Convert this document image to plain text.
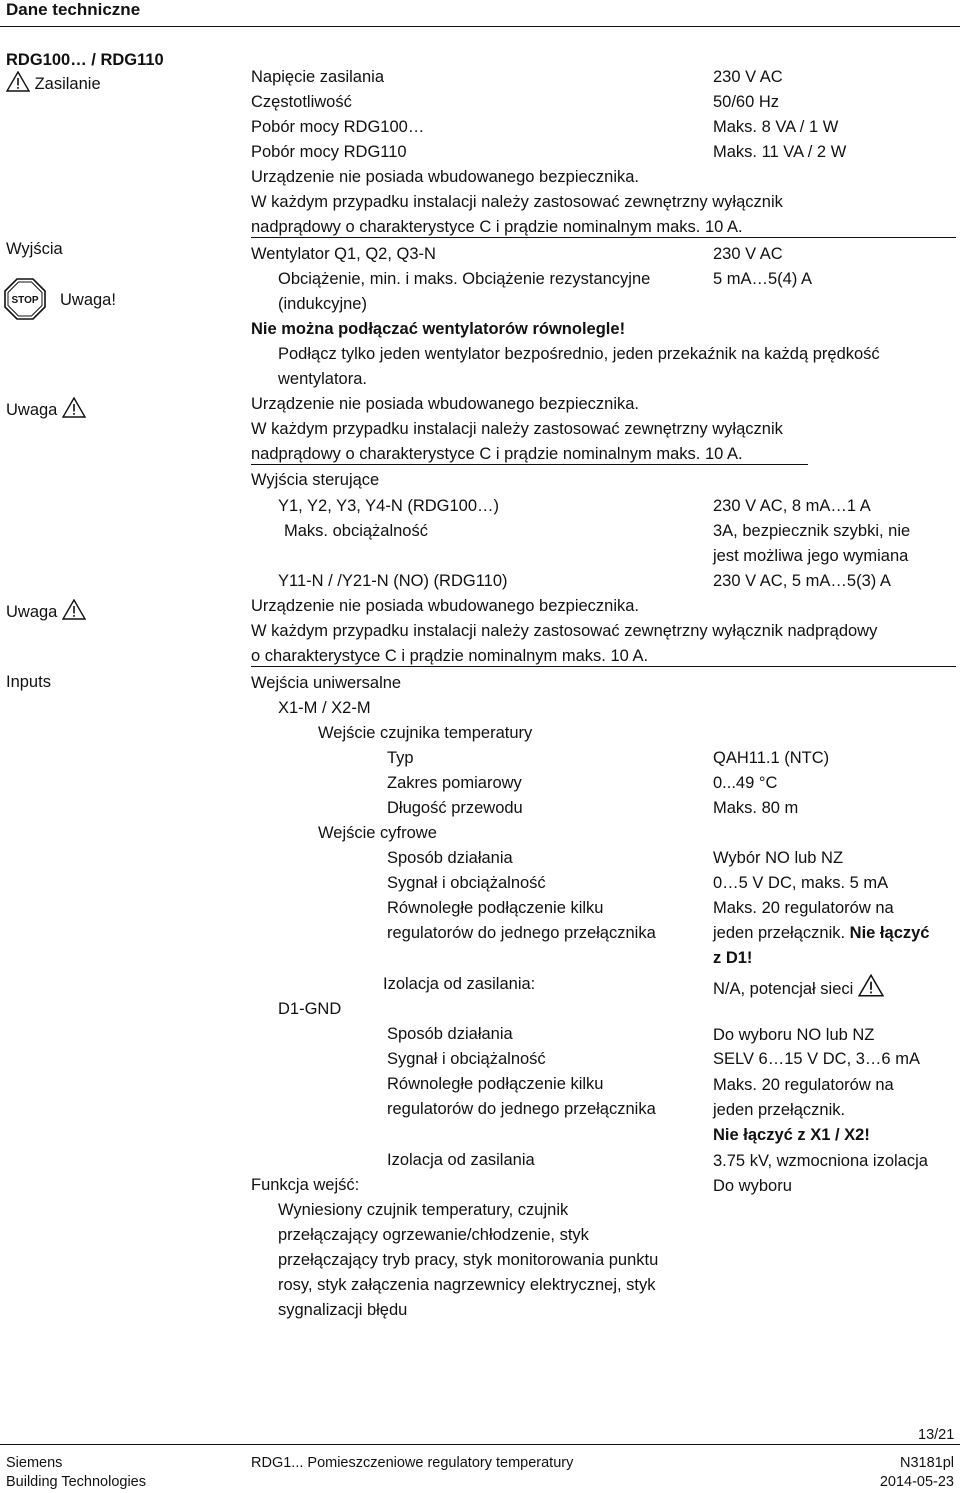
Dane techniczne
RDG100… / RDG110
Zasilanie	Napięcie zasilania	230 V AC
Częstotliwość	50/60 Hz
Pobór mocy RDG100…	Maks. 8 VA / 1 W
Pobór mocy RDG110	Maks. 11 VA / 2 W
Urządzenie nie posiada wbudowanego bezpiecznika.
W każdym przypadku instalacji należy zastosować zewnętrzny wyłącznik
nadprądowy o charakterystyce C i prądzie nominalnym maks. 10 A.
Wyjścia	Wentylator Q1, Q2, Q3-N	230 V AC
STOP Uwaga!
Obciążenie, min. i maks. Obciążenie rezystancyjne	5 mA…5(4) A
(indukcyjne)
Nie można podłączać wentylatorów równolegle!
Podłącz tylko jeden wentylator bezpośrednio, jeden przekaźnik na każdą prędkość
wentylatora.
Uwaga	Urządzenie nie posiada wbudowanego bezpiecznika.
W każdym przypadku instalacji należy zastosować zewnętrzny wyłącznik
nadprądowy o charakterystyce C i prądzie nominalnym maks. 10 A.
Wyjścia sterujące
Y1, Y2, Y3, Y4-N (RDG100…)	230 V AC, 8 mA…1 A
Maks. obciążalność	3A, bezpiecznik szybki, nie
jest możliwa jego wymiana
Y11-N / /Y21-N (NO) (RDG110)	230 V AC, 5 mA…5(3) A
Uwaga	Urządzenie nie posiada wbudowanego bezpiecznika.
W każdym przypadku instalacji należy zastosować zewnętrzny wyłącznik nadprądowy
o charakterystyce C i prądzie nominalnym maks. 10 A.
Inputs	Wejścia uniwersalne
X1-M / X2-M
Wejście czujnika temperatury
Typ	QAH11.1 (NTC)
Zakres pomiarowy	0...49 °C
Długość przewodu	Maks. 80 m
Wejście cyfrowe
Sposób działania	Wybór NO lub NZ
Sygnał i obciążalność	0…5 V DC, maks. 5 mA
Równoległe podłączenie kilku	Maks. 20 regulatorów na
regulatorów do jednego przełącznika	jeden przełącznik. Nie łączyć
z D1!
Izolacja od zasilania:	N/A, potencjał sieci
D1-GND
Sposób działania	Do wyboru NO lub NZ
Sygnał i obciążalność	SELV 6…15 V DC, 3…6 mA
Równoległe podłączenie kilku	Maks. 20 regulatorów na
regulatorów do jednego przełącznika	jeden przełącznik.
Nie łączyć z X1 / X2!
Izolacja od zasilania	3.75 kV, wzmocniona izolacja
Funkcja wejść:	Do wyboru
Wyniesiony czujnik temperatury, czujnik
przełączający ogrzewanie/chłodzenie, styk
przełączający tryb pracy, styk monitorowania punktu
rosy, styk załączenia nagrzewnicy elektrycznej, styk
sygnalizacji błędu
13/21
Siemens
Building Technologies
RDG1... Pomieszczeniowe regulatory temperatury	N3181pl
2014-05-23
